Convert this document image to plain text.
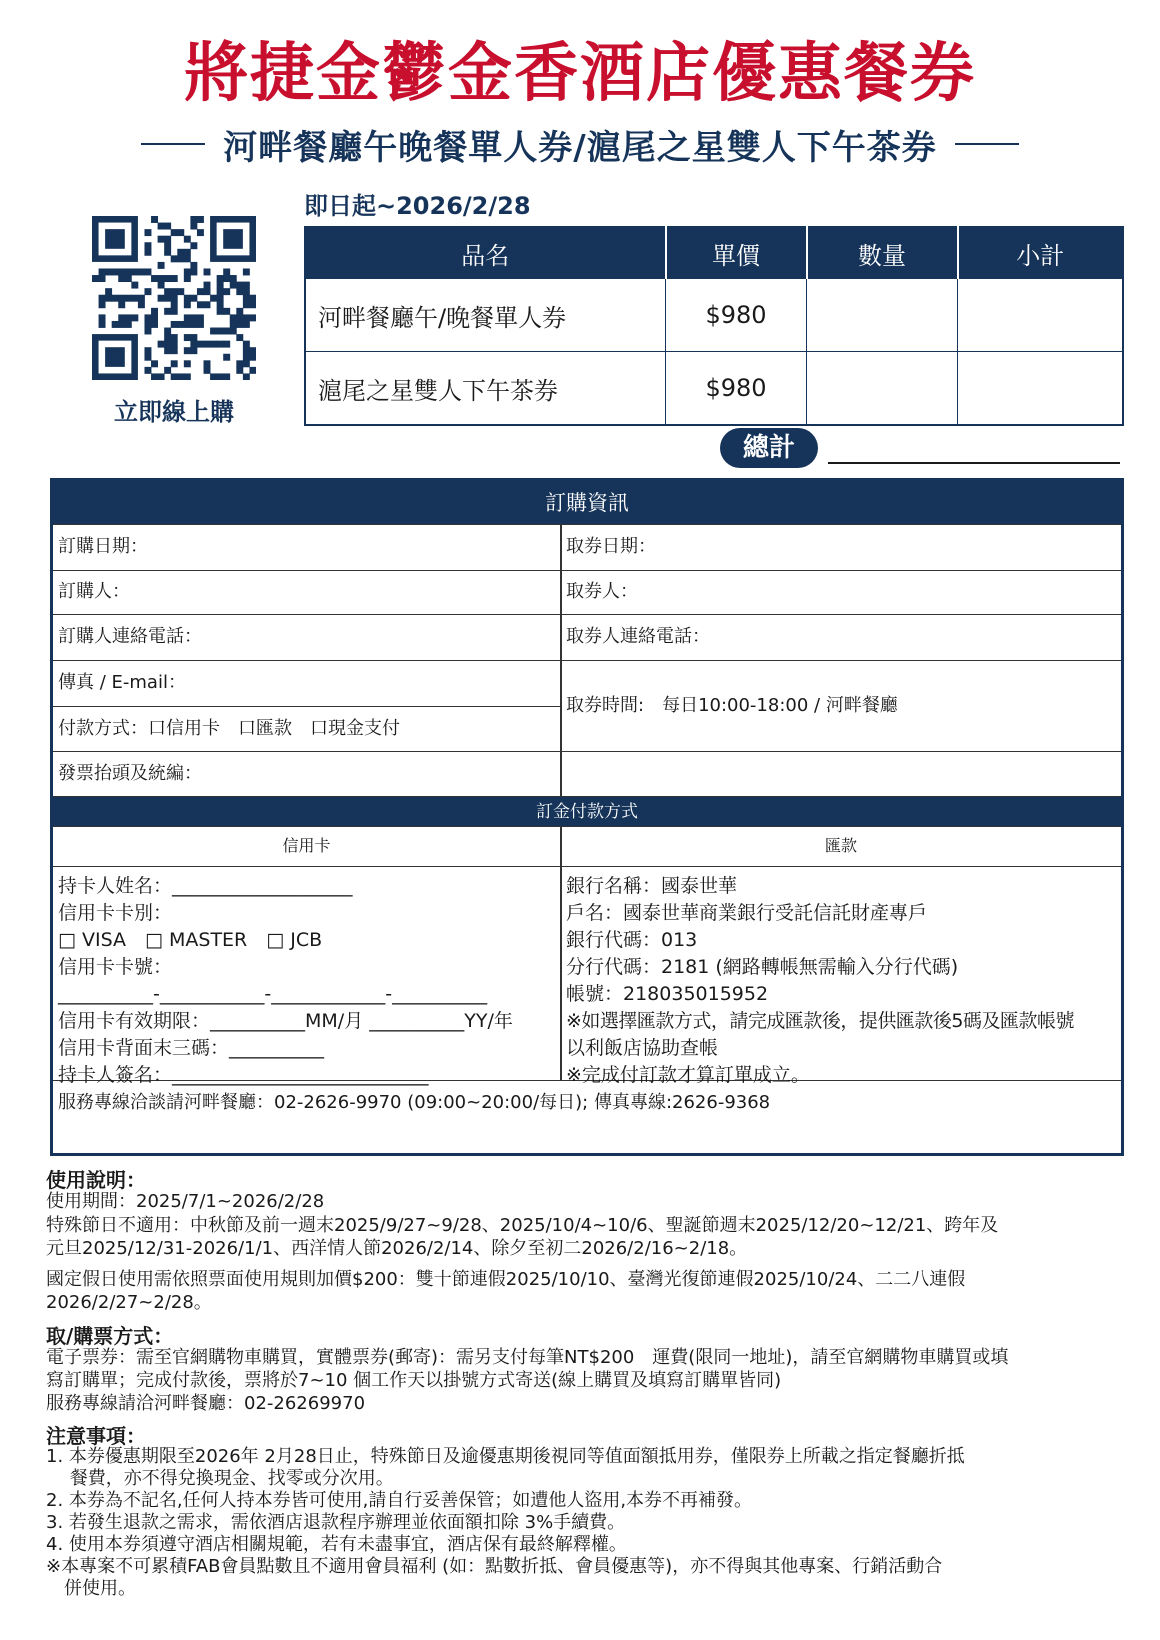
將捷金鬱金香酒店優惠餐券
河畔餐廳午晚餐單人券/滬尾之星雙人下午茶券
立即線上購
即日起~2026/2/28
品名	單價	數量	小計
河畔餐廳午/晚餐單人券	$980		
滬尾之星雙人下午茶券	$980		
總計
訂購資訊
訂購日期：	取券日期：
訂購人：	取券人：
訂購人連絡電話：	取券人連絡電話：
傳真 / E-mail：
付款方式：口信用卡　口匯款　口現金支付
取券時間:　每日10:00-18:00 / 河畔餐廳
發票抬頭及統編：
訂金付款方式
信用卡	匯款
持卡人姓名：___________________
信用卡卡別：
□ VISA　□ MASTER　□ JCB
信用卡卡號：
__________-___________-____________-__________
信用卡有效期限：__________MM/月 __________YY/年
信用卡背面末三碼：__________
持卡人簽名：___________________________
銀行名稱：國泰世華
戶名：國泰世華商業銀行受託信託財產專戶
銀行代碼：013
分行代碼：2181 (網路轉帳無需輸入分行代碼)
帳號：218035015952
※如選擇匯款方式，請完成匯款後，提供匯款後5碼及匯款帳號
以利飯店協助查帳
※完成付訂款才算訂單成立。
服務專線洽談請河畔餐廳：02-2626-9970 (09:00~20:00/每日); 傳真專線:2626-9368
使用說明：
使用期間：2025/7/1~2026/2/28
特殊節日不適用：中秋節及前一週末2025/9/27~9/28、2025/10/4~10/6、聖誕節週末2025/12/20~12/21、跨年及
元旦2025/12/31-2026/1/1、西洋情人節2026/2/14、除夕至初二2026/2/16~2/18。
國定假日使用需依照票面使用規則加價$200：雙十節連假2025/10/10、臺灣光復節連假2025/10/24、二二八連假
2026/2/27~2/28。
取/購票方式：
電子票券：需至官網購物車購買，實體票券(郵寄)：需另支付每筆NT$200　運費(限同一地址)，請至官網購物車購買或填
寫訂購單；完成付款後，票將於7~10 個工作天以掛號方式寄送(線上購買及填寫訂購單皆同)
服務專線請洽河畔餐廳：02-26269970
注意事項：
1. 本券優惠期限至2026年 2月28日止，特殊節日及逾優惠期後視同等值面額抵用券，僅限券上所載之指定餐廳折抵
　 餐費，亦不得兌換現金、找零或分次用。
2. 本券為不記名,任何人持本券皆可使用,請自行妥善保管；如遭他人盜用,本券不再補發。
3. 若發生退款之需求，需依酒店退款程序辦理並依面額扣除 3%手續費。
4. 使用本券須遵守酒店相關規範，若有未盡事宜，酒店保有最終解釋權。
※本專案不可累積FAB會員點數且不適用會員福利 (如：點數折抵、會員優惠等)，亦不得與其他專案、行銷活動合
　併使用。
